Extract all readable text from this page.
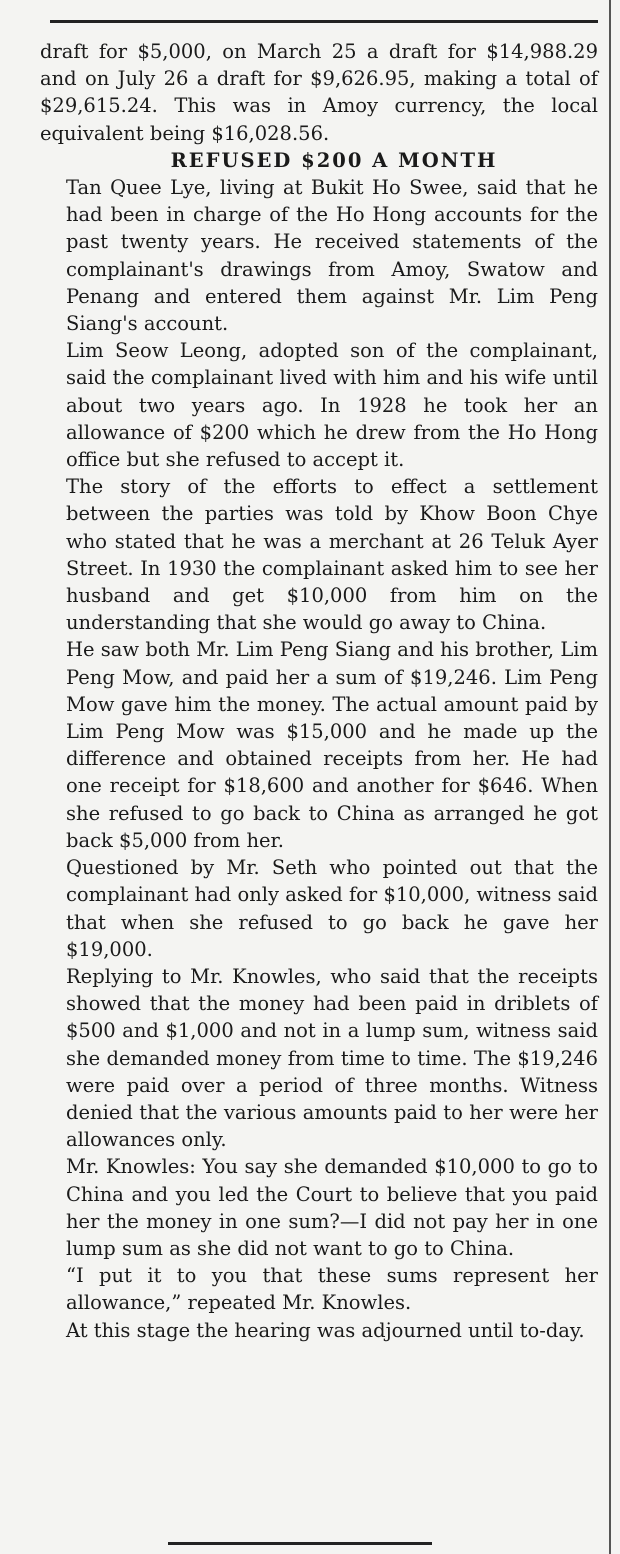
draft for $5,000, on March 25 a draft for $14,988.29 and on July 26 a draft for $9,626.95, making a total of $29,615.24. This was in Amoy currency, the local equivalent being $16,028.56.

REFUSED $200 A MONTH

Tan Quee Lye, living at Bukit Ho Swee, said that he had been in charge of the Ho Hong accounts for the past twenty years. He received statements of the complainant's drawings from Amoy, Swatow and Penang and entered them against Mr. Lim Peng Siang's account.

Lim Seow Leong, adopted son of the complainant, said the complainant lived with him and his wife until about two years ago. In 1928 he took her an allowance of $200 which he drew from the Ho Hong office but she refused to accept it.

The story of the efforts to effect a settlement between the parties was told by Khow Boon Chye who stated that he was a merchant at 26 Teluk Ayer Street. In 1930 the complainant asked him to see her husband and get $10,000 from him on the understanding that she would go away to China.

He saw both Mr. Lim Peng Siang and his brother, Lim Peng Mow, and paid her a sum of $19,246. Lim Peng Mow gave him the money. The actual amount paid by Lim Peng Mow was $15,000 and he made up the difference and obtained receipts from her. He had one receipt for $18,600 and another for $646. When she refused to go back to China as arranged he got back $5,000 from her.

Questioned by Mr. Seth who pointed out that the complainant had only asked for $10,000, witness said that when she refused to go back he gave her $19,000.

Replying to Mr. Knowles, who said that the receipts showed that the money had been paid in driblets of $500 and $1,000 and not in a lump sum, witness said she demanded money from time to time. The $19,246 were paid over a period of three months. Witness denied that the various amounts paid to her were her allowances only.

Mr. Knowles: You say she demanded $10,000 to go to China and you led the Court to believe that you paid her the money in one sum?—I did not pay her in one lump sum as she did not want to go to China.

“I put it to you that these sums represent her allowance,” repeated Mr. Knowles.

At this stage the hearing was adjourned until to-day.
